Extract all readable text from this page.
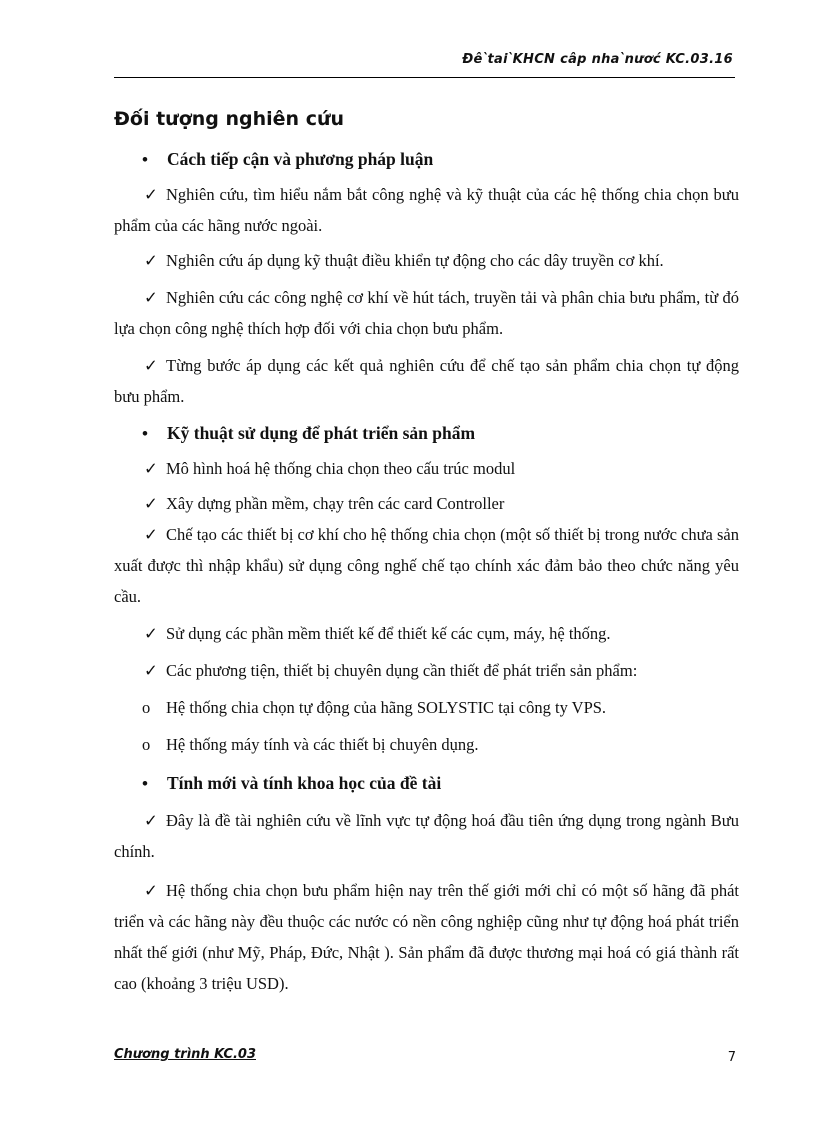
Đê ̀tai ̀KHCN câp nha ̀nươć KC.03.16
Đối tượng nghiên cứu

• Cách tiếp cận và phương pháp luận

✓ Nghiên cứu, tìm hiểu nắm bắt công nghệ và kỹ thuật của các hệ thống chia chọn bưu phẩm của các hãng nước ngoài.

✓ Nghiên cứu áp dụng kỹ thuật điều khiển tự động cho các dây truyền cơ khí.

✓ Nghiên cứu các công nghệ cơ khí về hút tách, truyền tải và phân chia bưu phẩm, từ đó lựa chọn công nghệ thích hợp đối với chia chọn bưu phẩm.

✓ Từng bước áp dụng các kết quả nghiên cứu để chế tạo sản phẩm chia chọn tự động bưu phẩm.

• Kỹ thuật sử dụng để phát triển sản phẩm

✓ Mô hình hoá hệ thống chia chọn theo cấu trúc modul

✓ Xây dựng phần mềm, chạy trên các card Controller

✓ Chế tạo các thiết bị cơ khí cho hệ thống chia chọn (một số thiết bị trong nước chưa sản xuất được thì nhập khẩu) sử dụng công nghế chế tạo chính xác đảm bảo theo chức năng yêu cầu.

✓ Sử dụng các phần mềm thiết kế để thiết kế các cụm, máy, hệ thống.

✓ Các phương tiện, thiết bị chuyên dụng cần thiết để phát triển sản phẩm:

o Hệ thống chia chọn tự động của hãng SOLYSTIC tại công ty VPS.

o Hệ thống máy tính và các thiết bị chuyên dụng.

• Tính mới và tính khoa học của đề tài

✓ Đây là đề tài nghiên cứu về lĩnh vực tự động hoá đầu tiên ứng dụng trong ngành Bưu chính.

✓ Hệ thống chia chọn bưu phẩm hiện nay trên thế giới mới chỉ có một số hãng đã phát triển và các hãng này đều thuộc các nước có nền công nghiệp cũng như tự động hoá phát triển nhất thế giới (như Mỹ, Pháp, Đức, Nhật ). Sản phẩm đã được thương mại hoá có giá thành rất cao (khoảng 3 triệu USD).

Chương trình KC.03	7
